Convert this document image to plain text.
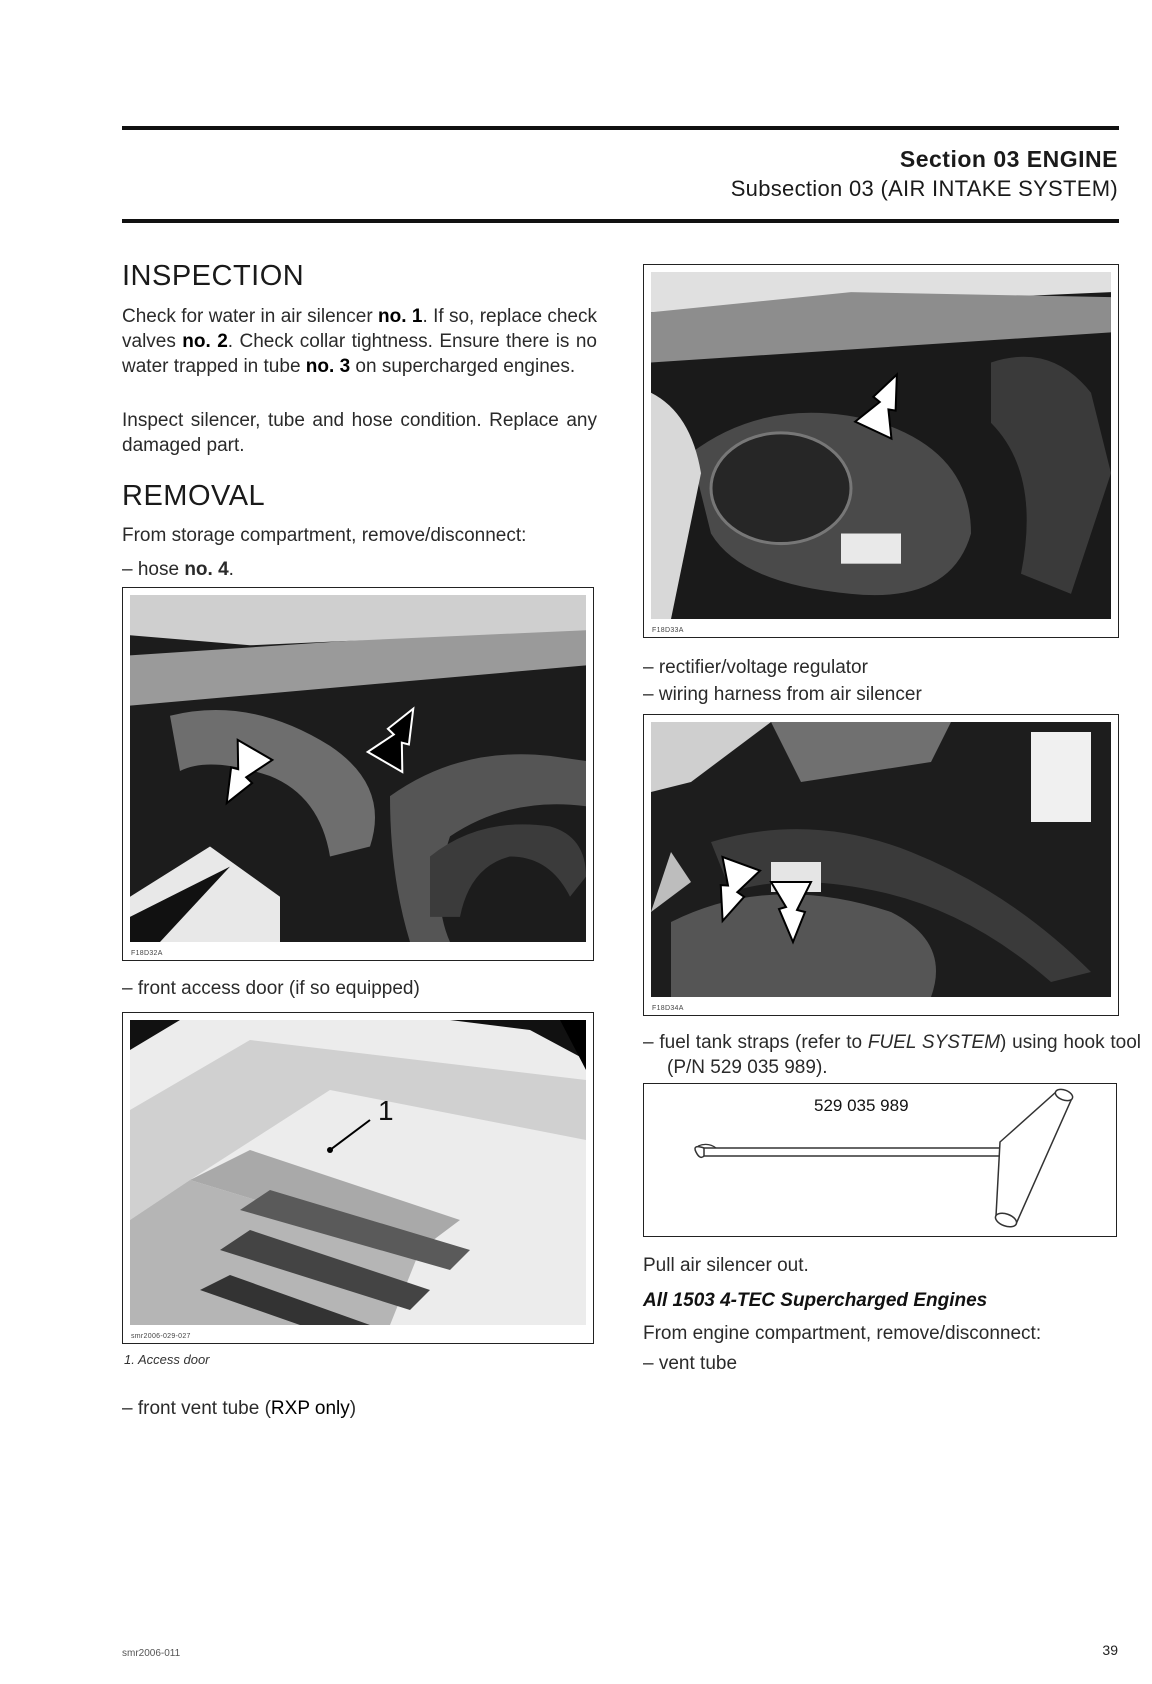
Section 03 ENGINE
Subsection 03 (AIR INTAKE SYSTEM)
INSPECTION

Check for water in air silencer no. 1. If so, replace check valves no. 2. Check collar tightness. Ensure there is no water trapped in tube no. 3 on supercharged engines.

Inspect silencer, tube and hose condition. Replace any damaged part.

REMOVAL

From storage compartment, remove/disconnect:

– hose no. 4.
F18D32A
– front access door (if so equipped)
1
smr2006-029-027
1. Access door
– front vent tube (RXP only)
F18D33A
– rectifier/voltage regulator
– wiring harness from air silencer
F18D34A
– fuel tank straps (refer to FUEL SYSTEM) using hook tool (P/N 529 035 989).
529 035 989
Pull air silencer out.
All 1503 4-TEC Supercharged Engines
From engine compartment, remove/disconnect:
– vent tube
smr2006-011	39
